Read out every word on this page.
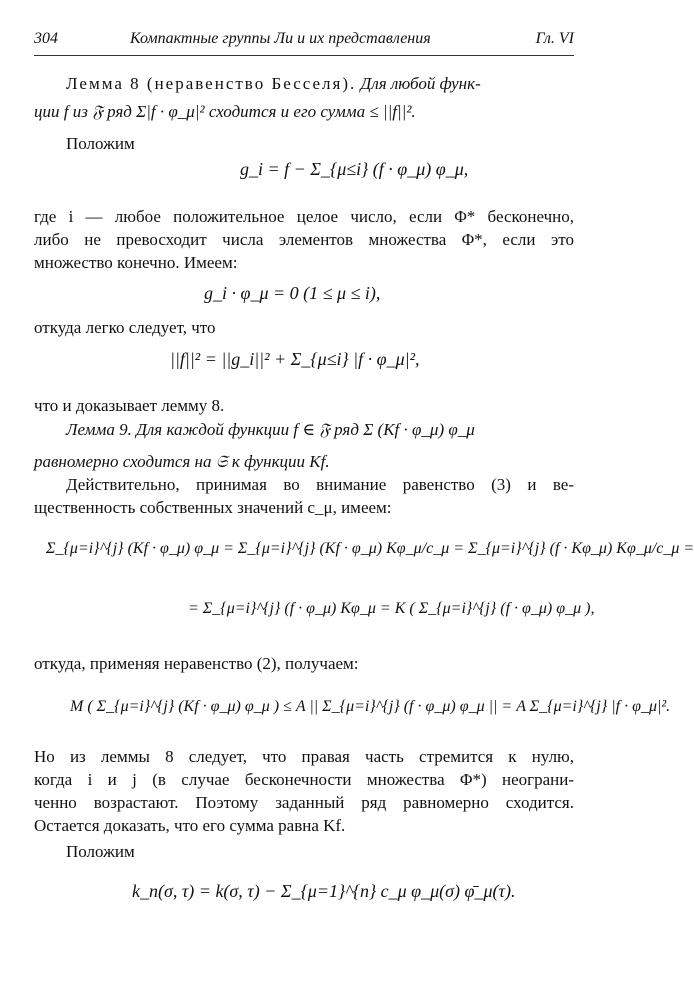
304	Компактные группы Ли и их представления	Гл. VI
Лемма 8 (неравенство Бесселя). Для любой функ-
ции f из 𝔉 ряд Σ|f · φ_μ|² сходится и его сумма ≤ ||f||².
Положим
g_i = f − Σ_{μ≤i} (f · φ_μ) φ_μ,
где i — любое положительное целое число, если Φ* бесконечно,
либо не превосходит числа элементов множества Φ*, если это
множество конечно. Имеем:
g_i · φ_μ = 0 (1 ≤ μ ≤ i),
откуда легко следует, что
||f||² = ||g_i||² + Σ_{μ≤i} |f · φ_μ|²,
что и доказывает лемму 8.
Лемма 9. Для каждой функции f ∈ 𝔉 ряд Σ (Kf · φ_μ) φ_μ
равномерно сходится на 𝔖 к функции Kf.
Действительно, принимая во внимание равенство (3) и ве-
щественность собственных значений c_μ, имеем:
Σ_{μ=i}^{j} (Kf · φ_μ) φ_μ = Σ_{μ=i}^{j} (Kf · φ_μ) Kφ_μ/c_μ = Σ_{μ=i}^{j} (f · Kφ_μ) Kφ_μ/c_μ =
= Σ_{μ=i}^{j} (f · φ_μ) Kφ_μ = K ( Σ_{μ=i}^{j} (f · φ_μ) φ_μ ),
откуда, применяя неравенство (2), получаем:
M ( Σ_{μ=i}^{j} (Kf · φ_μ) φ_μ ) ≤ A || Σ_{μ=i}^{j} (f · φ_μ) φ_μ || = A Σ_{μ=i}^{j} |f · φ_μ|².
Но из леммы 8 следует, что правая часть стремится к нулю,
когда i и j (в случае бесконечности множества Φ*) неограни-
ченно возрастают. Поэтому заданный ряд равномерно сходится.
Остается доказать, что его сумма равна Kf.
Положим
k_n(σ, τ) = k(σ, τ) − Σ_{μ=1}^{n} c_μ φ_μ(σ) φ̄_μ(τ).
